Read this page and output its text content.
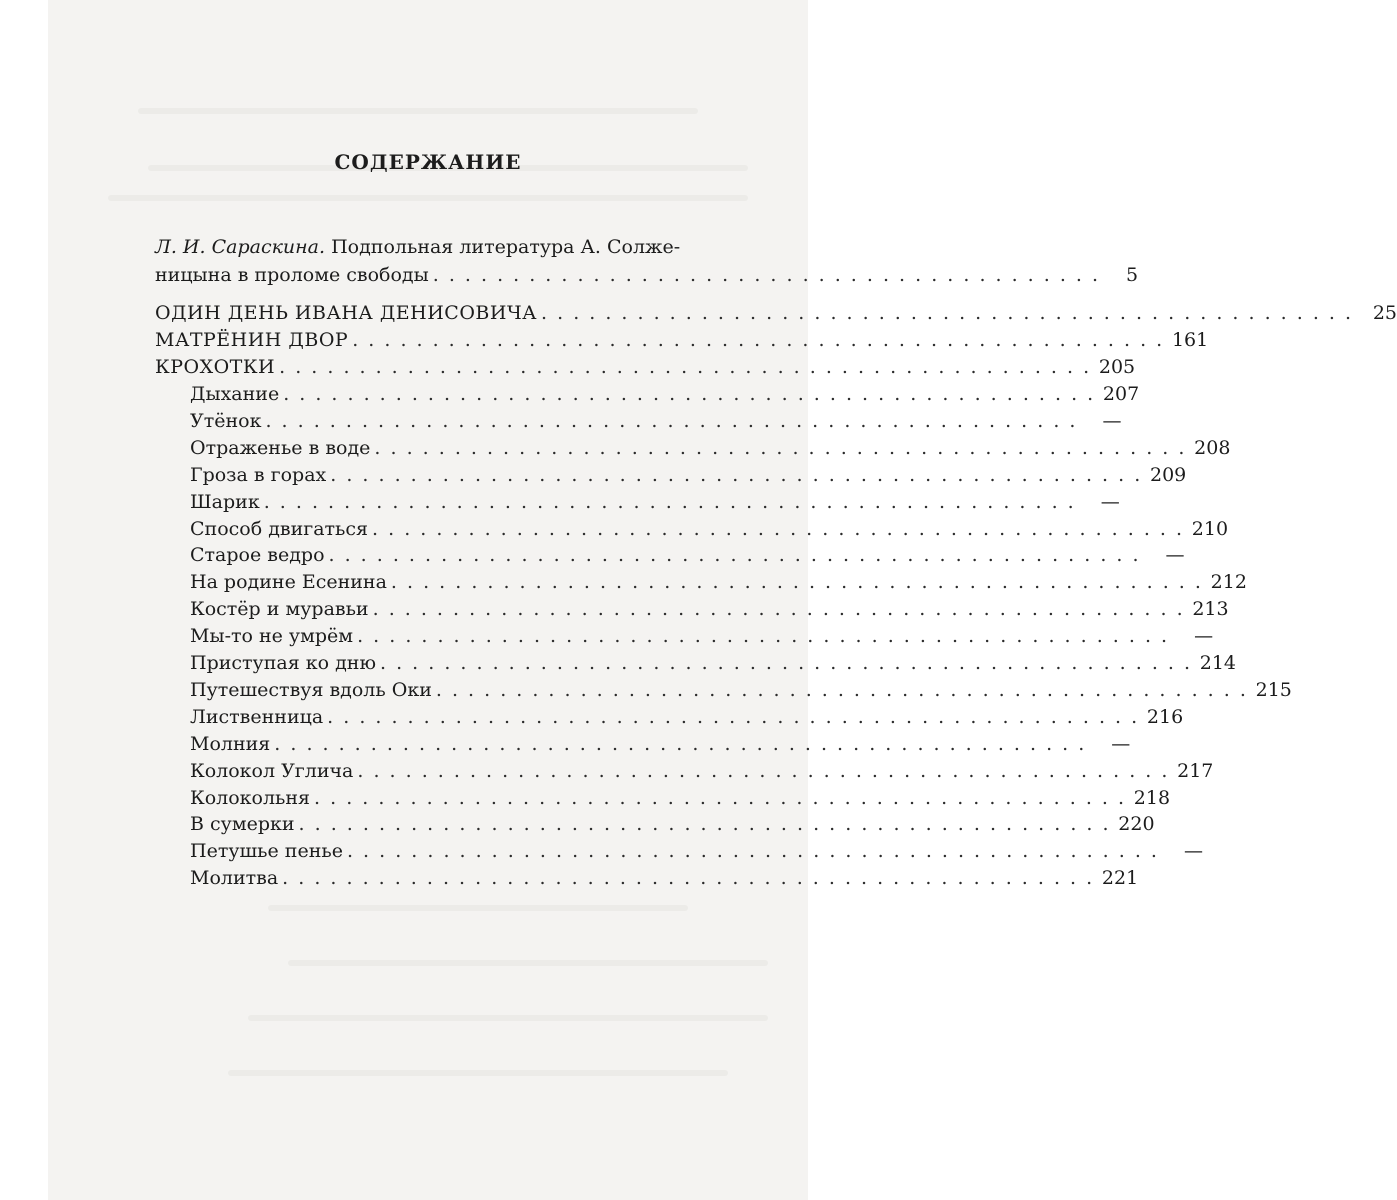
СОДЕРЖАНИЕ
Л. И. Сараскина. Подпольная литература А. Солже-
ницына в проломе свободы . . . . . . . . . . . . . . . . . . . . . . . . . . . . . . . . . . . . . . . . . .	5
ОДИН ДЕНЬ ИВАНА ДЕНИСОВИЧА . . . . . . . . . . . . . . . . . . . . . . . . . . . . . . . . . . . . . . . . . . . . . . . . . . .	25
МАТРЁНИН ДВОР . . . . . . . . . . . . . . . . . . . . . . . . . . . . . . . . . . . . . . . . . . . . . . . . . . . 161
КРОХОТКИ . . . . . . . . . . . . . . . . . . . . . . . . . . . . . . . . . . . . . . . . . . . . . . . . . . . 205
Дыхание . . . . . . . . . . . . . . . . . . . . . . . . . . . . . . . . . . . . . . . . . . . . . . . . . . . 207
Утёнок . . . . . . . . . . . . . . . . . . . . . . . . . . . . . . . . . . . . . . . . . . . . . . . . . . .	—
Отраженье в воде . . . . . . . . . . . . . . . . . . . . . . . . . . . . . . . . . . . . . . . . . . . . . . . . . . . 208
Гроза в горах . . . . . . . . . . . . . . . . . . . . . . . . . . . . . . . . . . . . . . . . . . . . . . . . . . . 209
Шарик . . . . . . . . . . . . . . . . . . . . . . . . . . . . . . . . . . . . . . . . . . . . . . . . . . .	—
Способ двигаться . . . . . . . . . . . . . . . . . . . . . . . . . . . . . . . . . . . . . . . . . . . . . . . . . . . 210
Старое ведро . . . . . . . . . . . . . . . . . . . . . . . . . . . . . . . . . . . . . . . . . . . . . . . . . . .	—
На родине Есенина . . . . . . . . . . . . . . . . . . . . . . . . . . . . . . . . . . . . . . . . . . . . . . . . . . . 212
Костёр и муравьи . . . . . . . . . . . . . . . . . . . . . . . . . . . . . . . . . . . . . . . . . . . . . . . . . . . 213
Мы-то не умрём . . . . . . . . . . . . . . . . . . . . . . . . . . . . . . . . . . . . . . . . . . . . . . . . . . .	—
Приступая ко дню . . . . . . . . . . . . . . . . . . . . . . . . . . . . . . . . . . . . . . . . . . . . . . . . . . . 214
Путешествуя вдоль Оки . . . . . . . . . . . . . . . . . . . . . . . . . . . . . . . . . . . . . . . . . . . . . . . . . . . 215
Лиственница . . . . . . . . . . . . . . . . . . . . . . . . . . . . . . . . . . . . . . . . . . . . . . . . . . . 216
Молния . . . . . . . . . . . . . . . . . . . . . . . . . . . . . . . . . . . . . . . . . . . . . . . . . . .	—
Колокол Углича . . . . . . . . . . . . . . . . . . . . . . . . . . . . . . . . . . . . . . . . . . . . . . . . . . . 217
Колокольня . . . . . . . . . . . . . . . . . . . . . . . . . . . . . . . . . . . . . . . . . . . . . . . . . . . 218
В сумерки . . . . . . . . . . . . . . . . . . . . . . . . . . . . . . . . . . . . . . . . . . . . . . . . . . . 220
Петушье пенье . . . . . . . . . . . . . . . . . . . . . . . . . . . . . . . . . . . . . . . . . . . . . . . . . . .	—
Молитва . . . . . . . . . . . . . . . . . . . . . . . . . . . . . . . . . . . . . . . . . . . . . . . . . . . 221
